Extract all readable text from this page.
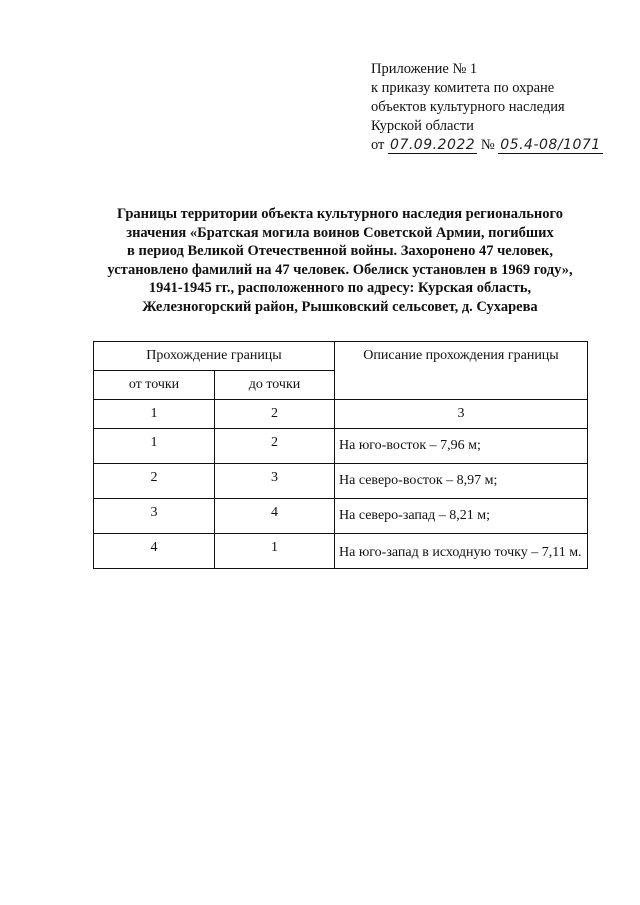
Приложение № 1
к приказу комитета по охране
объектов культурного наследия
Курской области
от 07.09.2022 № 05.4-08/1071
Границы территории объекта культурного наследия регионального
значения «Братская могила воинов Советской Армии, погибших
в период Великой Отечественной войны. Захоронено 47 человек,
установлено фамилий на 47 человек. Обелиск установлен в 1969 году»,
1941-1945 гг., расположенного по адресу: Курская область,
Железногорский район, Рышковский сельсовет, д. Сухарева
Прохождение границы		Описание прохождения границы
от точки	до точки	
1	2	3
1	2	На юго-восток – 7,96 м;
2	3	На северо-восток – 8,97 м;
3	4	На северо-запад – 8,21 м;
4	1	На юго-запад в исходную точку – 7,11 м.
